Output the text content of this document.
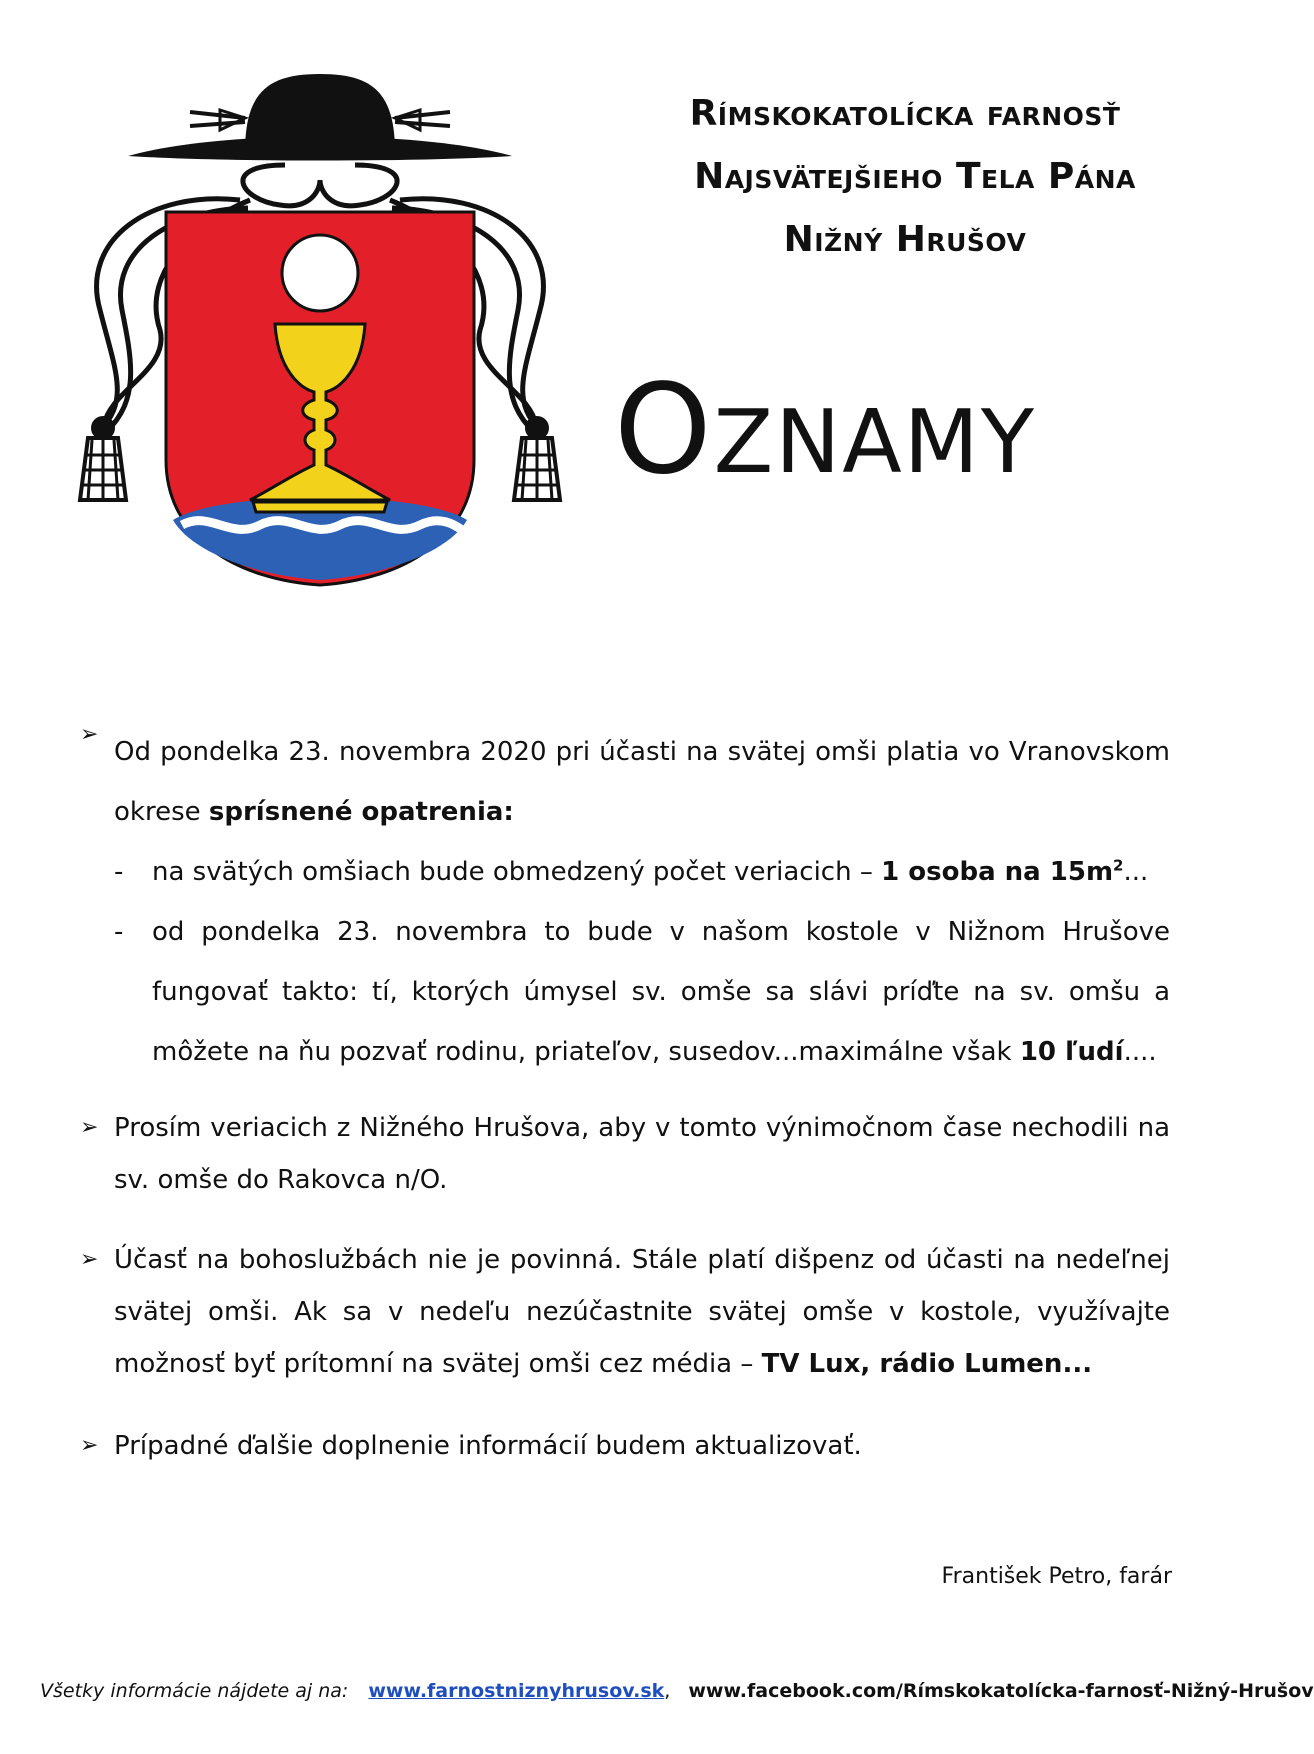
Rímskokatolícka farnosť
Najsvätejšieho Tela Pána
Nižný Hrušov
Oznamy
➢

Od pondelka 23. novembra 2020 pri účasti na svätej omši platia vo Vranovskom okrese sprísnené opatrenia:

- na svätých omšiach bude obmedzený počet veriacich – 1 osoba na $15m^2$...
- od pondelka 23. novembra to bude v našom kostole v Nižnom Hrušove fungovať takto: tí, ktorých úmysel sv. omše sa slávi príďte na sv. omšu a môžete na ňu pozvať rodinu, priateľov, susedov...maximálne však 10 ľudí....
➢ Prosím veriacich z Nižného Hrušova, aby v tomto výnimočnom čase nechodili na sv. omše do Rakovca n/O.

➢ Účasť na bohoslužbách nie je povinná. Stále platí dišpenz od účasti na nedeľnej svätej omši. Ak sa v nedeľu nezúčastnite svätej omše v kostole, využívajte možnosť byť prítomní na svätej omši cez média – TV Lux, rádio Lumen...

➢ Prípadné ďalšie doplnenie informácií budem aktualizovať.

František Petro, farár
Všetky informácie nájdete aj na: www.farnostniznyhrusov.sk, www.facebook.com/Rímskokatolícka-farnosť-Nižný-Hrušov
